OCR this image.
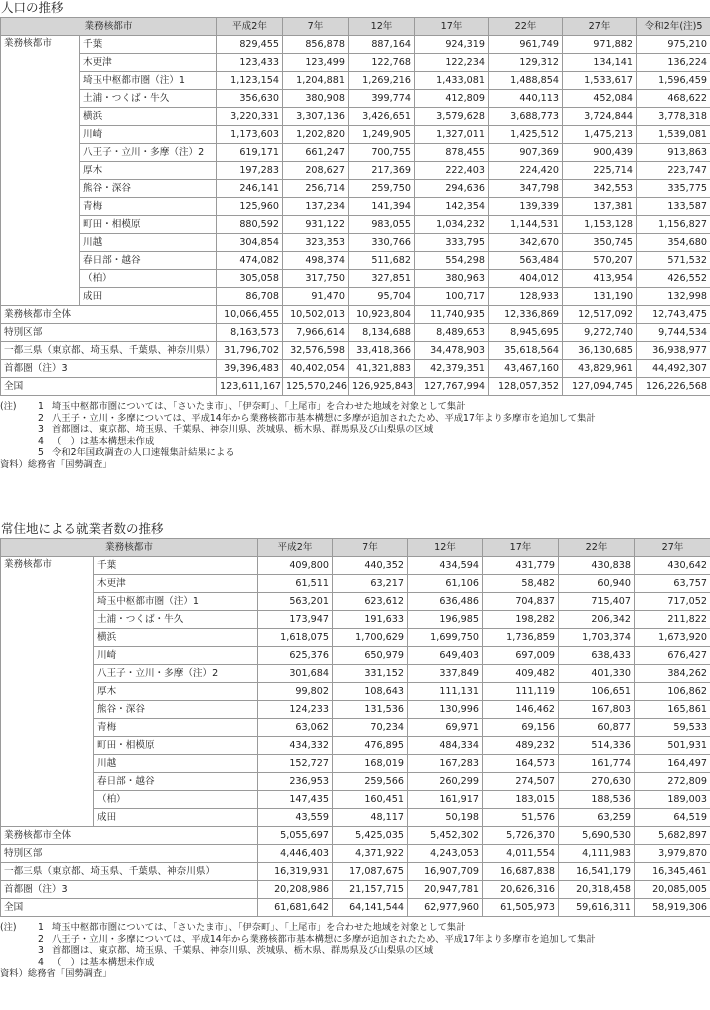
人口の推移
業務核都市		平成2年	7年	12年	17年	22年	27年	令和2年(注)5
業務核都市	千葉	829,455	856,878	887,164	924,319	961,749	971,882	975,210
	木更津	123,433	123,499	122,768	122,234	129,312	134,141	136,224
	埼玉中枢都市圏（注）1	1,123,154	1,204,881	1,269,216	1,433,081	1,488,854	1,533,617	1,596,459
	土浦・つくば・牛久	356,630	380,908	399,774	412,809	440,113	452,084	468,622
	横浜	3,220,331	3,307,136	3,426,651	3,579,628	3,688,773	3,724,844	3,778,318
	川崎	1,173,603	1,202,820	1,249,905	1,327,011	1,425,512	1,475,213	1,539,081
	八王子・立川・多摩（注）2	619,171	661,247	700,755	878,455	907,369	900,439	913,863
	厚木	197,283	208,627	217,369	222,403	224,420	225,714	223,747
	熊谷・深谷	246,141	256,714	259,750	294,636	347,798	342,553	335,775
	青梅	125,960	137,234	141,394	142,354	139,339	137,381	133,587
	町田・相模原	880,592	931,122	983,055	1,034,232	1,144,531	1,153,128	1,156,827
	川越	304,854	323,353	330,766	333,795	342,670	350,745	354,680
	春日部・越谷	474,082	498,374	511,682	554,298	563,484	570,207	571,532
	（柏）	305,058	317,750	327,851	380,963	404,012	413,954	426,552
	成田	86,708	91,470	95,704	100,717	128,933	131,190	132,998
業務核都市全体		10,066,455	10,502,013	10,923,804	11,740,935	12,336,869	12,517,092	12,743,475
特別区部		8,163,573	7,966,614	8,134,688	8,489,653	8,945,695	9,272,740	9,744,534
一都三県（東京都、埼玉県、千葉県、神奈川県）		31,796,702	32,576,598	33,418,366	34,478,903	35,618,564	36,130,685	36,938,977
首都圏（注）3		39,396,483	40,402,054	41,321,883	42,379,351	43,467,160	43,829,961	44,492,307
全国		123,611,167	125,570,246	126,925,843	127,767,994	128,057,352	127,094,745	126,226,568
(注)	1 埼玉中枢都市圏については、「さいたま市」、「伊奈町」、「上尾市」を合わせた地域を対象として集計
2 八王子・立川・多摩については、平成14年から業務核都市基本構想に多摩が追加されたため、平成17年より多摩市を追加して集計
3 首都圏は、東京都、埼玉県、千葉県、神奈川県、茨城県、栃木県、群馬県及び山梨県の区域
4 （　）は基本構想未作成
5 令和2年国政調査の人口速報集計結果による
資料）総務省「国勢調査」
常住地による就業者数の推移
業務核都市		平成2年	7年	12年	17年	22年	27年
業務核都市	千葉	409,800	440,352	434,594	431,779	430,838	430,642
	木更津	61,511	63,217	61,106	58,482	60,940	63,757
	埼玉中枢都市圏（注）1	563,201	623,612	636,486	704,837	715,407	717,052
	土浦・つくば・牛久	173,947	191,633	196,985	198,282	206,342	211,822
	横浜	1,618,075	1,700,629	1,699,750	1,736,859	1,703,374	1,673,920
	川崎	625,376	650,979	649,403	697,009	638,433	676,427
	八王子・立川・多摩（注）2	301,684	331,152	337,849	409,482	401,330	384,262
	厚木	99,802	108,643	111,131	111,119	106,651	106,862
	熊谷・深谷	124,233	131,536	130,996	146,462	167,803	165,861
	青梅	63,062	70,234	69,971	69,156	60,877	59,533
	町田・相模原	434,332	476,895	484,334	489,232	514,336	501,931
	川越	152,727	168,019	167,283	164,573	161,774	164,497
	春日部・越谷	236,953	259,566	260,299	274,507	270,630	272,809
	（柏）	147,435	160,451	161,917	183,015	188,536	189,003
	成田	43,559	48,117	50,198	51,576	63,259	64,519
業務核都市全体		5,055,697	5,425,035	5,452,302	5,726,370	5,690,530	5,682,897
特別区部		4,446,403	4,371,922	4,243,053	4,011,554	4,111,983	3,979,870
一都三県（東京都、埼玉県、千葉県、神奈川県）		16,319,931	17,087,675	16,907,709	16,687,838	16,541,179	16,345,461
首都圏（注）3		20,208,986	21,157,715	20,947,781	20,626,316	20,318,458	20,085,005
全国		61,681,642	64,141,544	62,977,960	61,505,973	59,616,311	58,919,306
(注)	1 埼玉中枢都市圏については、「さいたま市」、「伊奈町」、「上尾市」を合わせた地域を対象として集計
2 八王子・立川・多摩については、平成14年から業務核都市基本構想に多摩が追加されたため、平成17年より多摩市を追加して集計
3 首都圏は、東京都、埼玉県、千葉県、神奈川県、茨城県、栃木県、群馬県及び山梨県の区域
4 （　）は基本構想未作成
資料）総務省「国勢調査」
